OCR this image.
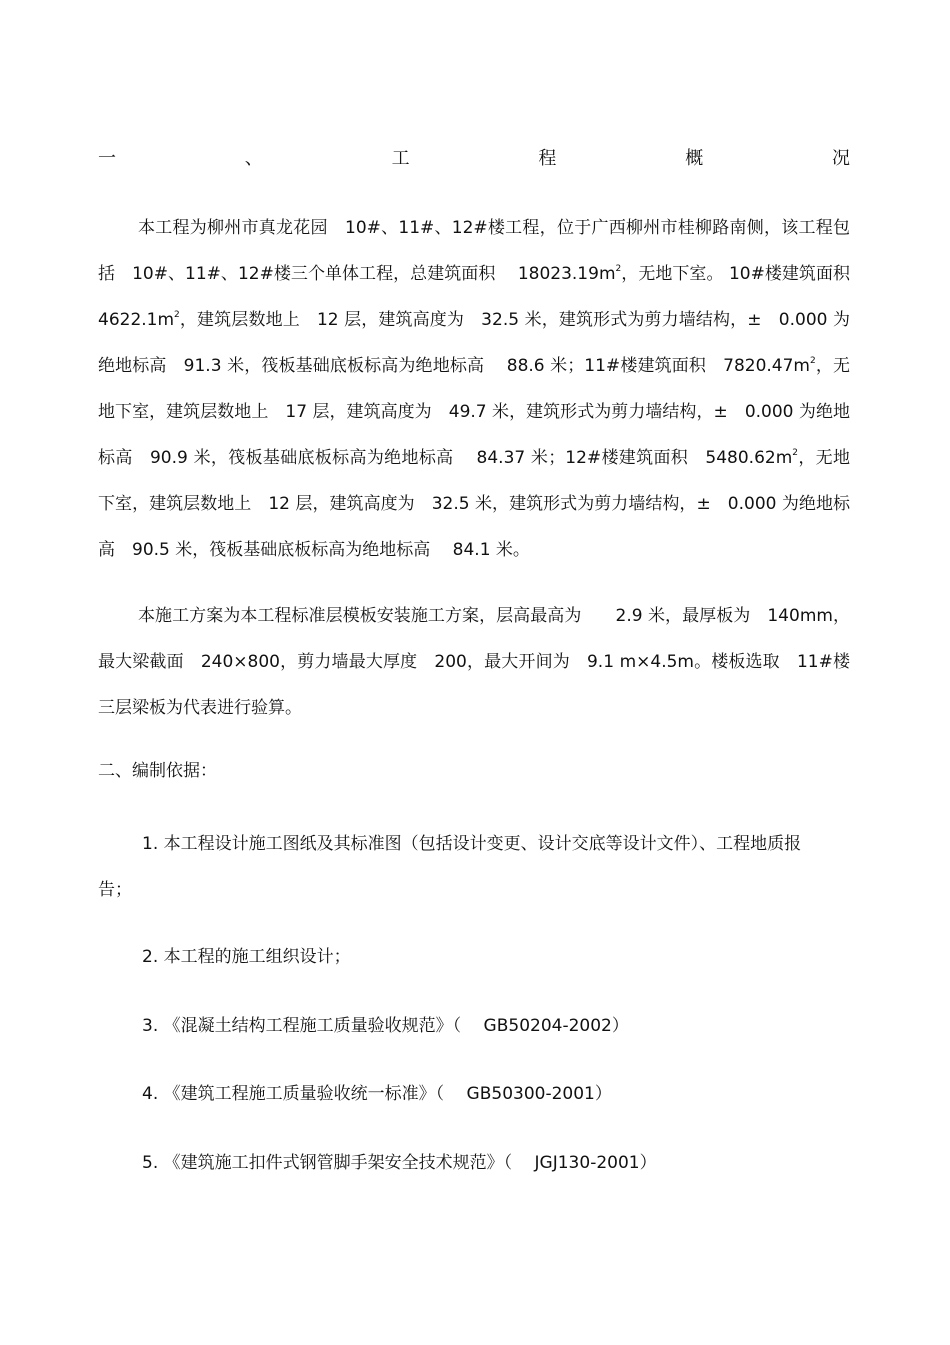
一	、	工	程	概	况

本工程为柳州市真龙花园　10#、11#、12#楼工程，位于广西柳州市桂柳路南侧，该工程包括　10#、11#、12#楼三个单体工程，总建筑面积　 $18023.19m^2$，无地下室。 10#楼建筑面积 $4622.1m^2$，建筑层数地上　12 层，建筑高度为　32.5 米，建筑形式为剪力墙结构，±　0.000 为绝地标高　91.3 米，筏板基础底板标高为绝地标高　 88.6 米；11#楼建筑面积　$7820.47m^2$，无地下室，建筑层数地上　17 层，建筑高度为　49.7 米，建筑形式为剪力墙结构，±　0.000 为绝地标高　90.9 米，筏板基础底板标高为绝地标高　 84.37 米；12#楼建筑面积　$5480.62m^2$，无地下室，建筑层数地上　12 层，建筑高度为　32.5 米，建筑形式为剪力墙结构，±　0.000 为绝地标高　90.5 米，筏板基础底板标高为绝地标高　 84.1 米。

本施工方案为本工程标准层模板安装施工方案，层高最高为　　2.9 米，最厚板为　140mm，最大梁截面　240×800，剪力墙最大厚度　200，最大开间为　9.1 m×4.5m。楼板选取　11#楼三层梁板为代表进行验算。

二、编制依据：

1. 本工程设计施工图纸及其标准图（包括设计变更、设计交底等设计文件）、工程地质报告；

2. 本工程的施工组织设计；

3. 《混凝土结构工程施工质量验收规范》（　 GB50204-2002）

4. 《建筑工程施工质量验收统一标准》（　 GB50300-2001）

5. 《建筑施工扣件式钢管脚手架安全技术规范》（　 JGJ130-2001）
